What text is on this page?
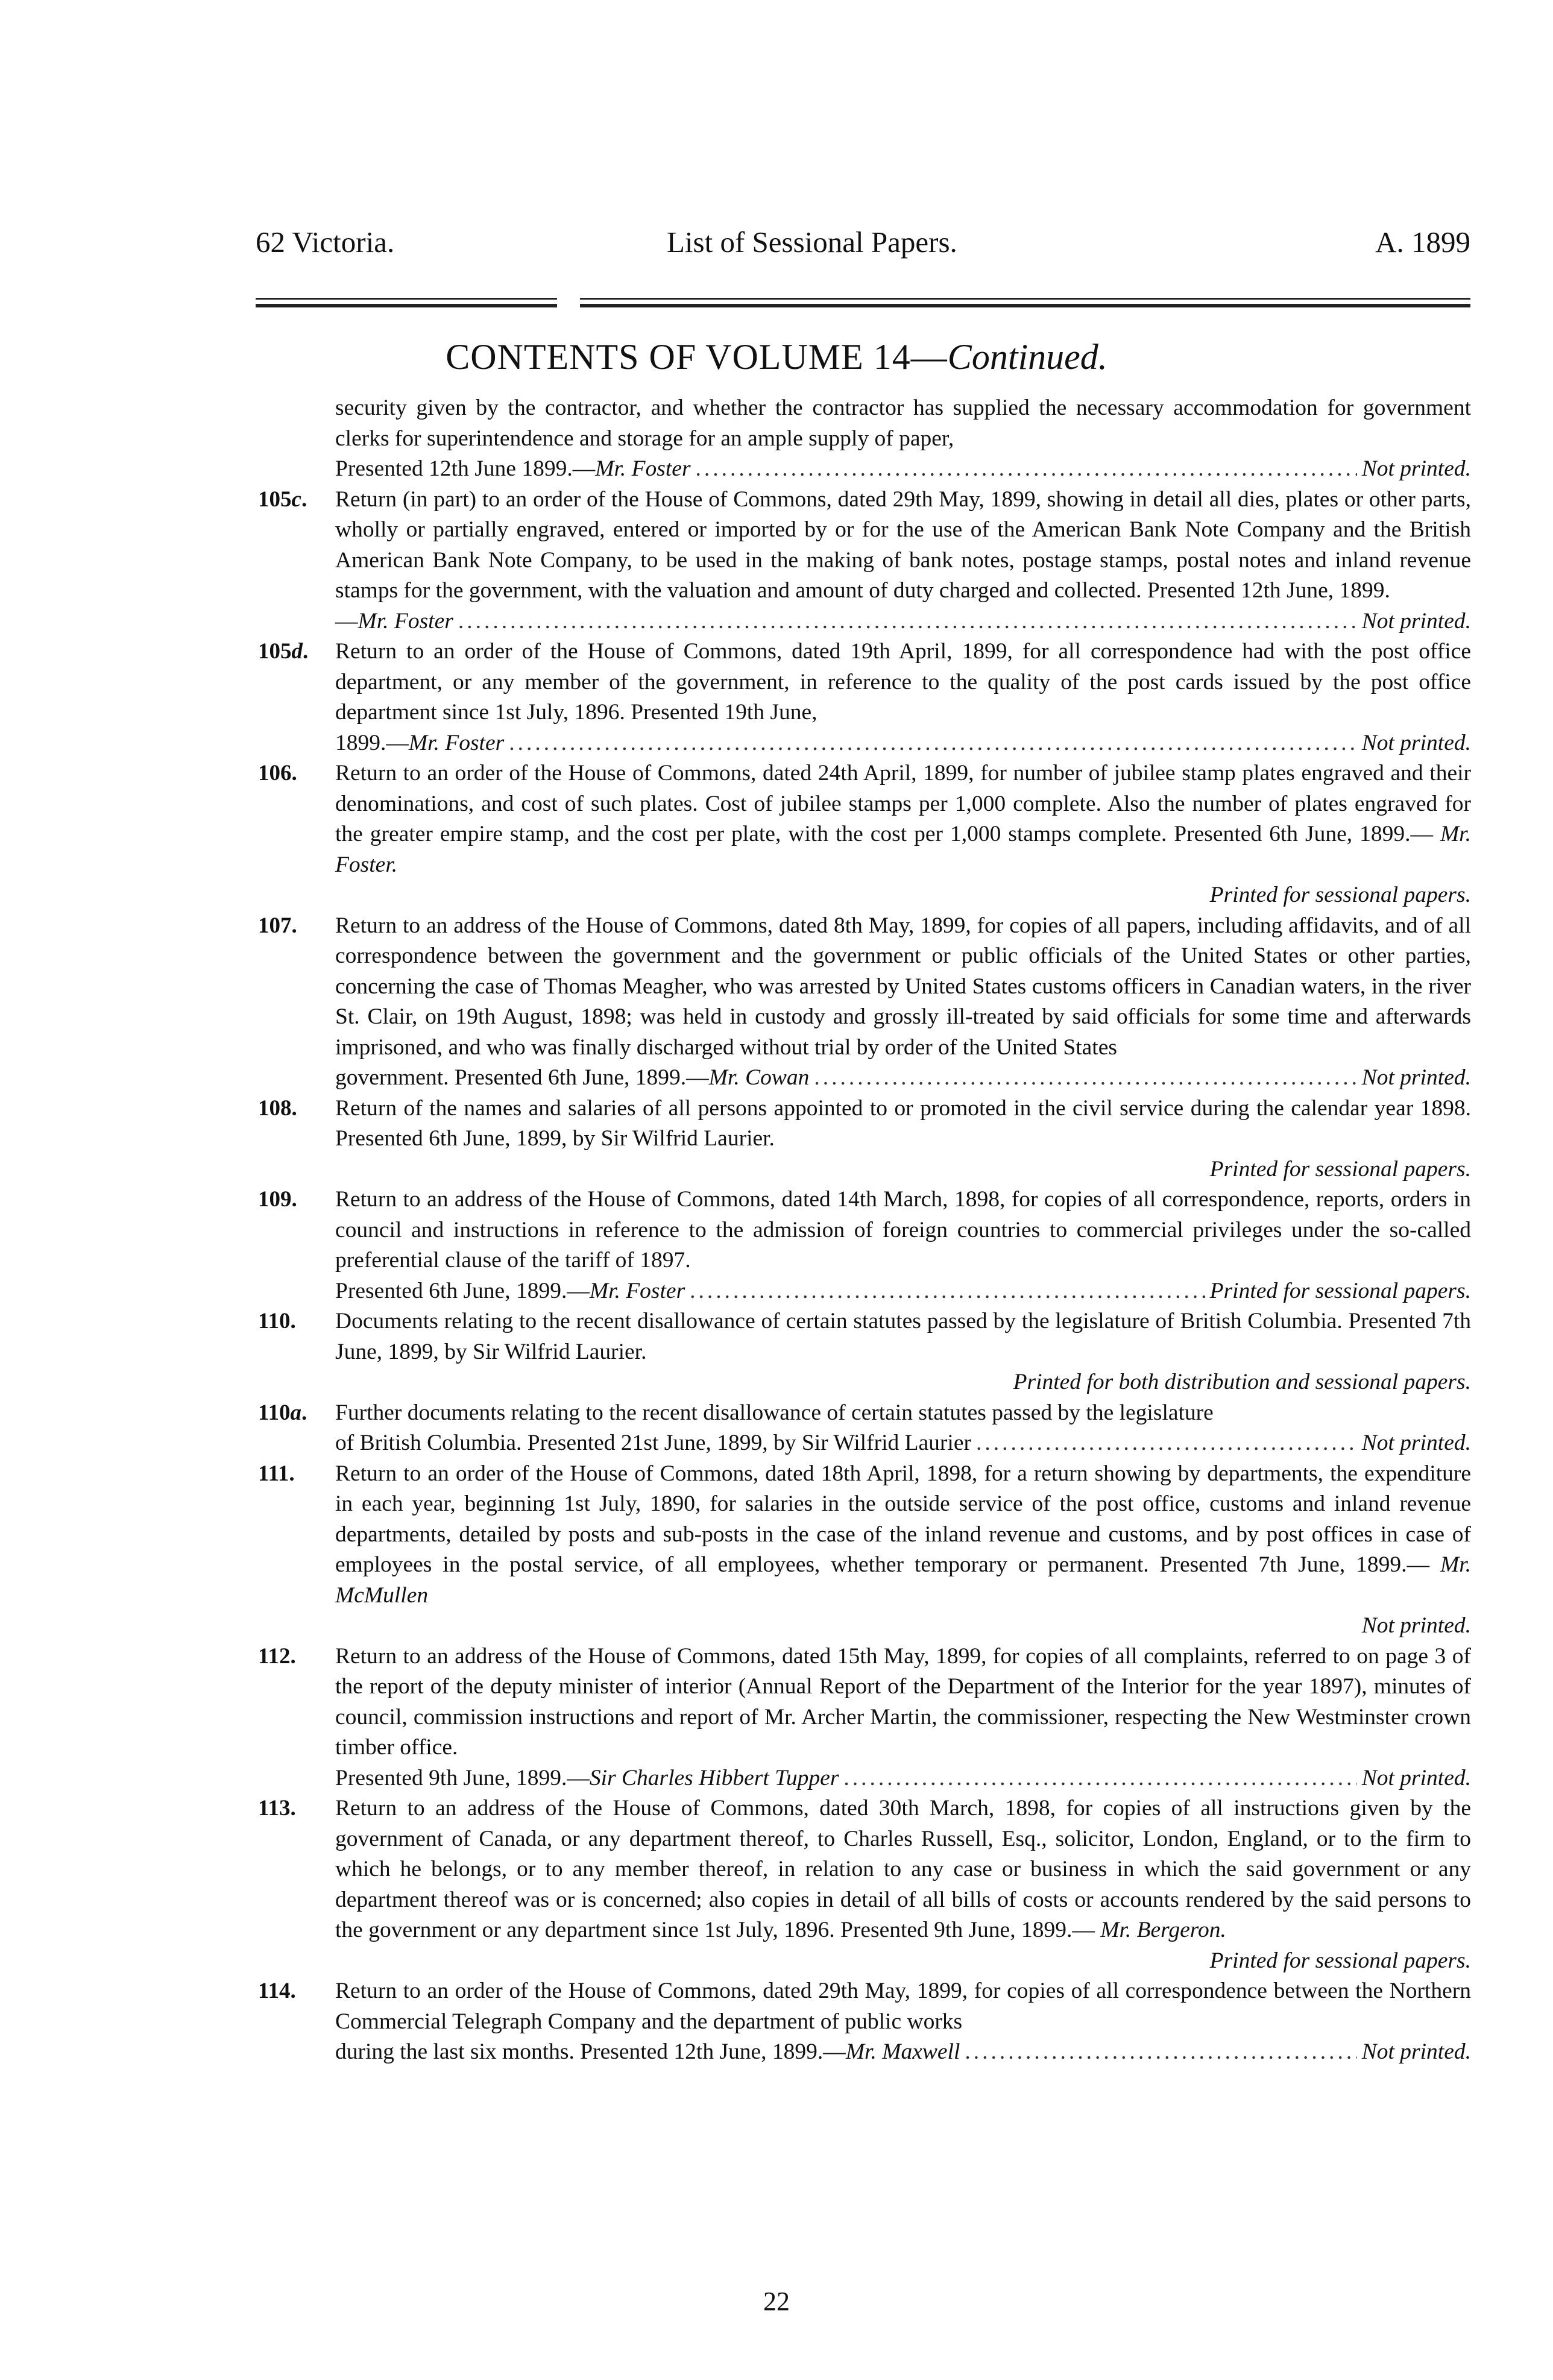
62 Victoria.	List of Sessional Papers.	A. 1899
CONTENTS OF VOLUME 14—Continued.

security given by the contractor, and whether the contractor has supplied the necessary accommodation for government clerks for superintendence and storage for an ample supply of paper,

Presented 12th June 1899.—Mr. Foster .....	Not printed.
105c. Return (in part) to an order of the House of Commons, dated 29th May, 1899, showing in detail all dies, plates or other parts, wholly or partially engraved, entered or imported by or for the use of the American Bank Note Company and the British American Bank Note Company, to be used in the making of bank notes, postage stamps, postal notes and inland revenue stamps for the government, with the valuation and amount of duty charged and collected. Presented 12th June, 1899.

—Mr. Foster .....	Not printed.
105d. Return to an order of the House of Commons, dated 19th April, 1899, for all correspondence had with the post office department, or any member of the government, in reference to the quality of the post cards issued by the post office department since 1st July, 1896. Presented 19th June,

1899.—Mr. Foster .....	Not printed.
106. Return to an order of the House of Commons, dated 24th April, 1899, for number of jubilee stamp plates engraved and their denominations, and cost of such plates. Cost of jubilee stamps per 1,000 complete. Also the number of plates engraved for the greater empire stamp, and the cost per plate, with the cost per 1,000 stamps complete. Presented 6th June, 1899.— Mr. Foster.

Printed for sessional papers.
107. Return to an address of the House of Commons, dated 8th May, 1899, for copies of all papers, including affidavits, and of all correspondence between the government and the government or public officials of the United States or other parties, concerning the case of Thomas Meagher, who was arrested by United States customs officers in Canadian waters, in the river St. Clair, on 19th August, 1898; was held in custody and grossly ill-treated by said officials for some time and afterwards imprisoned, and who was finally discharged without trial by order of the United States

government. Presented 6th June, 1899.—Mr. Cowan .....	Not printed.
108. Return of the names and salaries of all persons appointed to or promoted in the civil service during the calendar year 1898. Presented 6th June, 1899, by Sir Wilfrid Laurier.

Printed for sessional papers.
109. Return to an address of the House of Commons, dated 14th March, 1898, for copies of all correspondence, reports, orders in council and instructions in reference to the admission of foreign countries to commercial privileges under the so-called preferential clause of the tariff of 1897.

Presented 6th June, 1899.—Mr. Foster .....	Printed for sessional papers.
110. Documents relating to the recent disallowance of certain statutes passed by the legislature of British Columbia. Presented 7th June, 1899, by Sir Wilfrid Laurier.

Printed for both distribution and sessional papers.
110a. Further documents relating to the recent disallowance of certain statutes passed by the legislature

of British Columbia. Presented 21st June, 1899, by Sir Wilfrid Laurier .....	Not printed.
111. Return to an order of the House of Commons, dated 18th April, 1898, for a return showing by departments, the expenditure in each year, beginning 1st July, 1890, for salaries in the outside service of the post office, customs and inland revenue departments, detailed by posts and sub-posts in the case of the inland revenue and customs, and by post offices in case of employees in the postal service, of all employees, whether temporary or permanent. Presented 7th June, 1899.— Mr. McMullen

Not printed.
112. Return to an address of the House of Commons, dated 15th May, 1899, for copies of all complaints, referred to on page 3 of the report of the deputy minister of interior (Annual Report of the Department of the Interior for the year 1897), minutes of council, commission instructions and report of Mr. Archer Martin, the commissioner, respecting the New Westminster crown timber office.

Presented 9th June, 1899.—Sir Charles Hibbert Tupper .....	Not printed.
113. Return to an address of the House of Commons, dated 30th March, 1898, for copies of all instructions given by the government of Canada, or any department thereof, to Charles Russell, Esq., solicitor, London, England, or to the firm to which he belongs, or to any member thereof, in relation to any case or business in which the said government or any department thereof was or is concerned; also copies in detail of all bills of costs or accounts rendered by the said persons to the government or any department since 1st July, 1896. Presented 9th June, 1899.— Mr. Bergeron.

Printed for sessional papers.
114. Return to an order of the House of Commons, dated 29th May, 1899, for copies of all correspondence between the Northern Commercial Telegraph Company and the department of public works

during the last six months. Presented 12th June, 1899.—Mr. Maxwell .....	Not printed.
22
